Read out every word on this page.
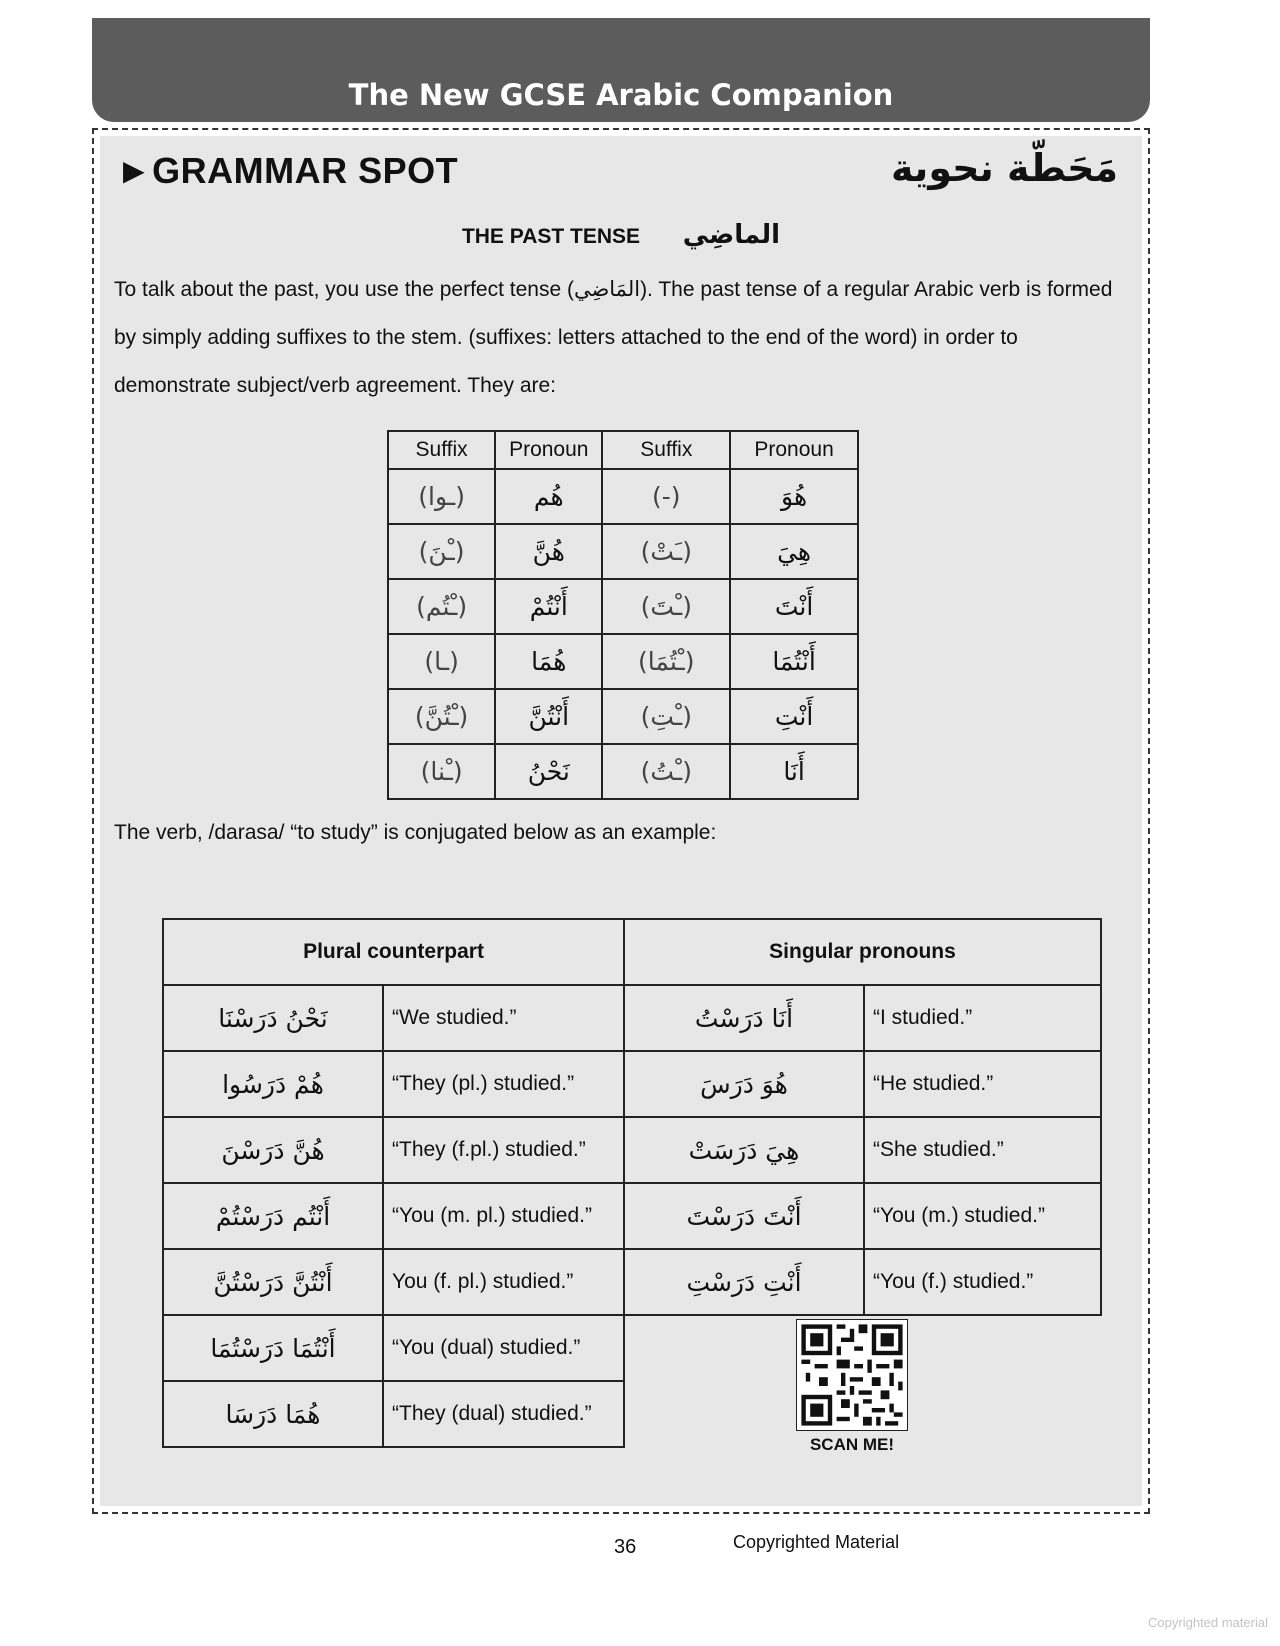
The New GCSE Arabic Companion
►GRAMMAR SPOT	مَحَطّة نحوية
THE PAST TENSE الماضِي
To talk about the past, you use the perfect tense (المَاضِي). The past tense of a regular Arabic verb is formed by simply adding suffixes to the stem. (suffixes: letters attached to the end of the word) in order to demonstrate subject/verb agreement. They are:
Suffix	Pronoun	Suffix	Pronoun
(ـوا)	هُم	(-)	هُوَ
(ـْنَ)	هُنَّ	(ـَتْ)	هِيَ
(ـْتُم)	أَنْتُمْ	(ـْتَ)	أَنْتَ
(ـا)	هُمَا	(ـْتُمَا)	أَنْتُمَا
(ـْتُنَّ)	أَنْتُنَّ	(ـْتِ)	أَنْتِ
(ـْنا)	نَحْنُ	(ـْتُ)	أَنَا
The verb, /darasa/ “to study” is conjugated below as an example:
Plural counterpart		Singular pronouns	
نَحْنُ دَرَسْنَا	“We studied.”	أَنَا دَرَسْتُ	“I studied.”
هُمْ دَرَسُوا	“They (pl.) studied.”	هُوَ دَرَسَ	“He studied.”
هُنَّ دَرَسْنَ	“They (f.pl.) studied.”	هِيَ دَرَسَتْ	“She studied.”
أَنْتُم دَرَسْتُمْ	“You (m. pl.) studied.”	أَنْتَ دَرَسْتَ	“You (m.) studied.”
أَنْتُنَّ دَرَسْتُنَّ	You (f. pl.) studied.”	أَنْتِ دَرَسْتِ	“You (f.) studied.”
أَنْتُمَا دَرَسْتُمَا	“You (dual) studied.”		
هُمَا دَرَسَا	“They (dual) studied.”		
SCAN ME!
36	Copyrighted Material
Copyrighted material
